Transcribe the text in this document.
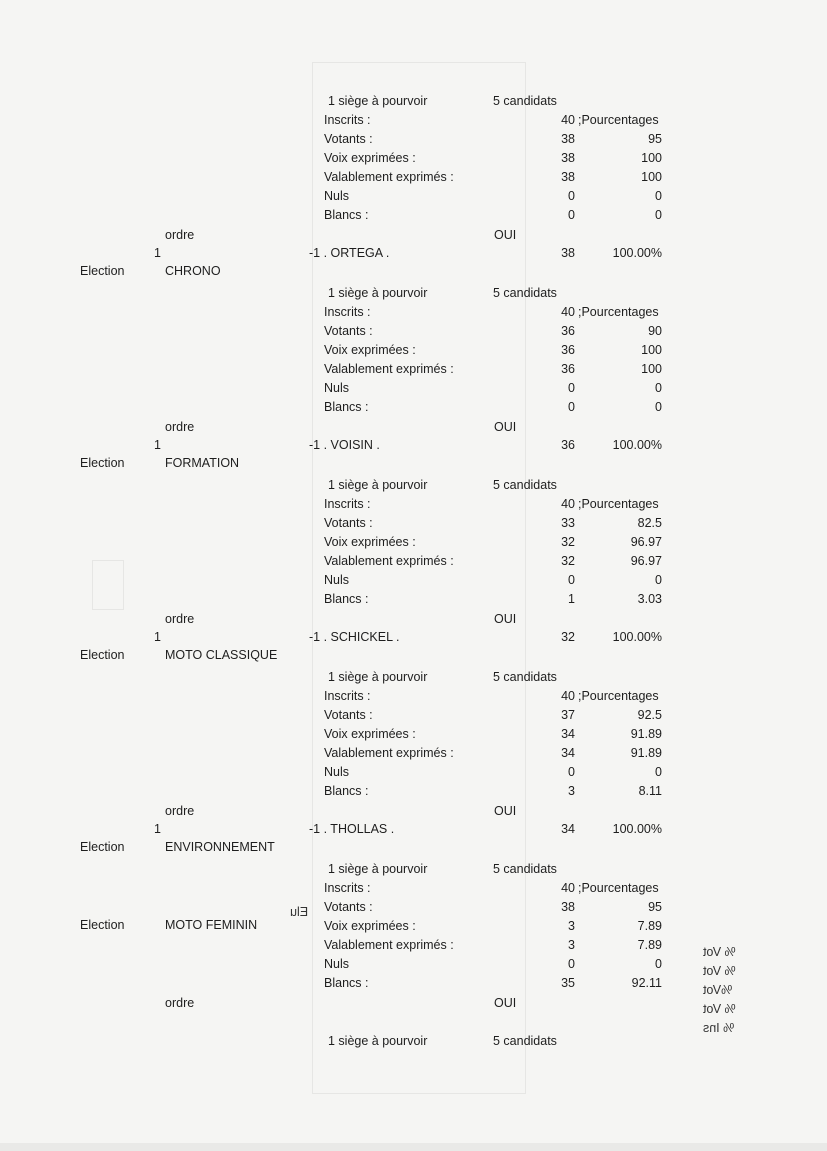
Elu
% Vot
% Vot
%Vot
% Vot
% Ins
1 siège à pourvoir	5 candidats
Inscrits :	40 ;Pourcentages
Votants :	38	95
Voix exprimées :	38	100
Valablement exprimés :	38	100
Nuls	0	0
Blancs :	0	0
ordre	OUI
1	-1 . ORTEGA .	38	100.00%
Election	CHRONO
1 siège à pourvoir	5 candidats
Inscrits :	40 ;Pourcentages
Votants :	36	90
Voix exprimées :	36	100
Valablement exprimés :	36	100
Nuls	0	0
Blancs :	0	0
ordre	OUI
1	-1 . VOISIN .	36	100.00%
Election	FORMATION
1 siège à pourvoir	5 candidats
Inscrits :	40 ;Pourcentages
Votants :	33	82.5
Voix exprimées :	32	96.97
Valablement exprimés :	32	96.97
Nuls	0	0
Blancs :	1	3.03
ordre	OUI
1	-1 . SCHICKEL .	32	100.00%
Election	MOTO CLASSIQUE
1 siège à pourvoir	5 candidats
Inscrits :	40 ;Pourcentages
Votants :	37	92.5
Voix exprimées :	34	91.89
Valablement exprimés :	34	91.89
Nuls	0	0
Blancs :	3	8.11
ordre	OUI
1	-1 . THOLLAS .	34	100.00%
Election	ENVIRONNEMENT
1 siège à pourvoir	5 candidats
Inscrits :	40 ;Pourcentages
Votants :	38	95
Voix exprimées :	3	7.89
Valablement exprimés :	3	7.89
Nuls	0	0
Blancs :	35	92.11
ordre	OUI
Election	MOTO FEMININ
1 siège à pourvoir	5 candidats
